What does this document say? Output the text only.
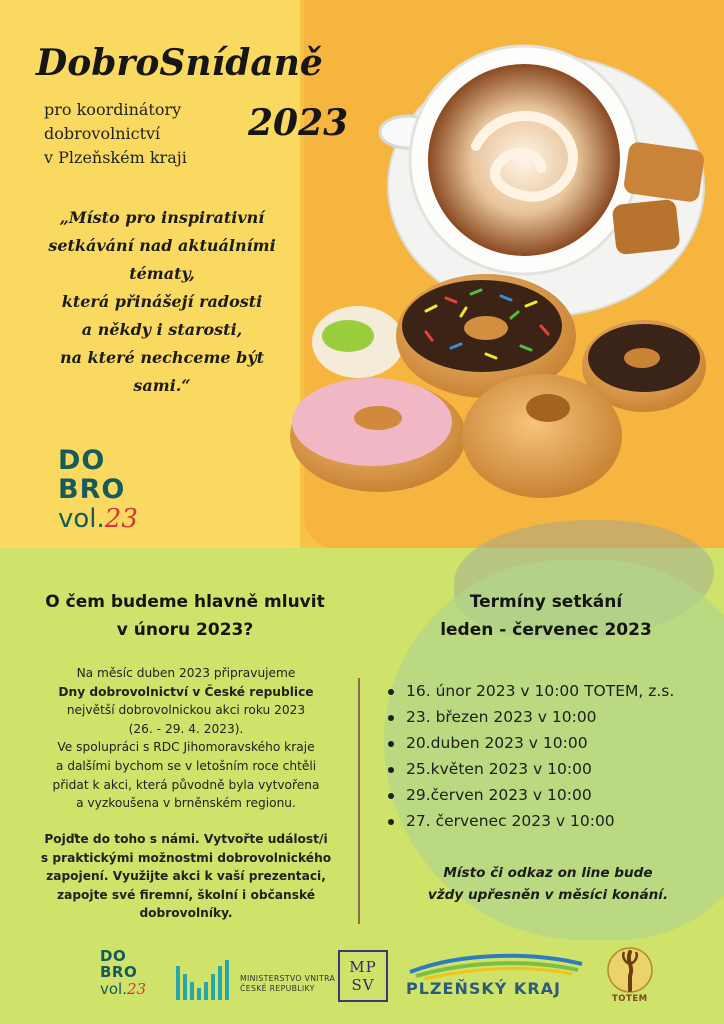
DobroSnídaně
pro koordinátory
dobrovolnictví
v Plzeňském kraji
2023
„Místo pro inspirativní
setkávání nad aktuálními
tématy,
která přinášejí radosti
a někdy i starosti,
na které nechceme být
sami.“
DO
BRO
vol.23
O čem budeme hlavně mluvit
v únoru 2023?
Na měsíc duben 2023 připravujeme
Dny dobrovolnictví v České republice
největší dobrovolnickou akci roku 2023
(26. - 29. 4. 2023).
Ve spolupráci s RDC Jihomoravského kraje
a dalšími bychom se v letošním roce chtěli
přidat k akci, která původně byla vytvořena
a vyzkoušena v brněnském regionu.
Pojďte do toho s námi. Vytvořte událost/i
s praktickými možnostmi dobrovolnického
zapojení. Využijte akci k vaší prezentaci,
zapojte své firemní, školní i občanské
dobrovolníky.
Termíny setkání
leden - červenec 2023
16. únor 2023 v 10:00 TOTEM, z.s.
23. březen 2023 v 10:00
20.duben 2023 v 10:00
25.květen 2023 v 10:00
29.červen 2023 v 10:00
27. červenec 2023 v 10:00
Místo či odkaz on line bude
vždy upřesněn v měsíci konání.
DO
BRO
vol.23
MINISTERSTVO VNITRA
ČESKÉ REPUBLIKY
MP
SV PLZEŇSKÝ KRAJ
TOTEM
